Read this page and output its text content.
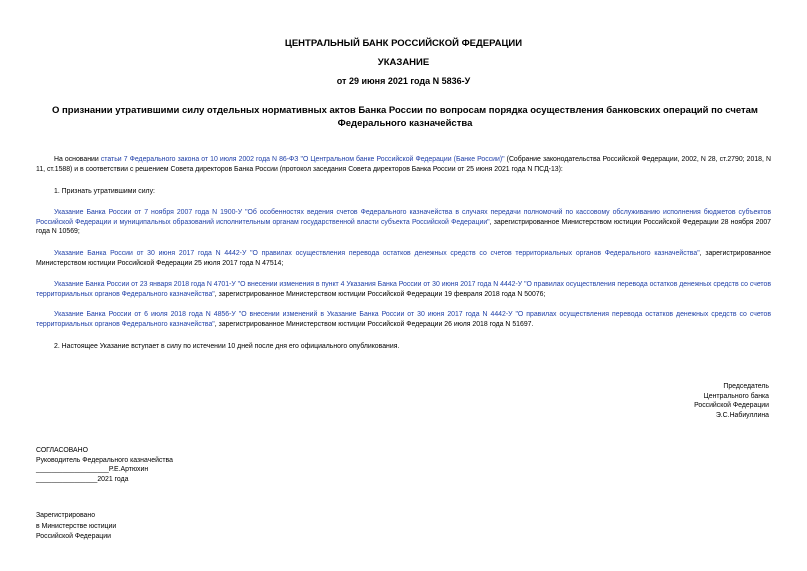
ЦЕНТРАЛЬНЫЙ БАНК РОССИЙСКОЙ ФЕДЕРАЦИИ
УКАЗАНИЕ
от 29 июня 2021 года N 5836-У
О признании утратившими силу отдельных нормативных актов Банка России по вопросам порядка осуществления банковских операций по счетам Федерального казначейства

На основании статьи 7 Федерального закона от 10 июля 2002 года N 86-ФЗ "О Центральном банке Российской Федерации (Банке России)" (Собрание законодательства Российской Федерации, 2002, N 28, ст.2790; 2018, N 11, ст.1588) и в соответствии с решением Совета директоров Банка России (протокол заседания Совета директоров Банка России от 25 июня 2021 года N ПСД-13):

1. Признать утратившими силу:

Указание Банка России от 7 ноября 2007 года N 1900-У "Об особенностях ведения счетов Федерального казначейства в случаях передачи полномочий по кассовому обслуживанию исполнения бюджетов субъектов Российской Федерации и муниципальных образований исполнительным органам государственной власти субъекта Российской Федерации", зарегистрированное Министерством юстиции Российской Федерации 28 ноября 2007 года N 10569;

Указание Банка России от 30 июня 2017 года N 4442-У "О правилах осуществления перевода остатков денежных средств со счетов территориальных органов Федерального казначейства", зарегистрированное Министерством юстиции Российской Федерации 25 июля 2017 года N 47514;

Указание Банка России от 23 января 2018 года N 4701-У "О внесении изменения в пункт 4 Указания Банка России от 30 июня 2017 года N 4442-У "О правилах осуществления перевода остатков денежных средств со счетов территориальных органов Федерального казначейства", зарегистрированное Министерством юстиции Российской Федерации 19 февраля 2018 года N 50076;

Указание Банка России от 6 июля 2018 года N 4856-У "О внесении изменений в Указание Банка России от 30 июня 2017 года N 4442-У "О правилах осуществления перевода остатков денежных средств со счетов территориальных органов Федерального казначейства", зарегистрированное Министерством юстиции Российской Федерации 26 июля 2018 года N 51697.

2. Настоящее Указание вступает в силу по истечении 10 дней после дня его официального опубликования.

Председатель
Центрального банка
Российской Федерации
Э.С.Набиуллина
СОГЛАСОВАНО
Руководитель Федерального казначейства
___________________Р.Е.Артюхин
________________2021 года
Зарегистрировано
в Министерстве юстиции
Российской Федерации
